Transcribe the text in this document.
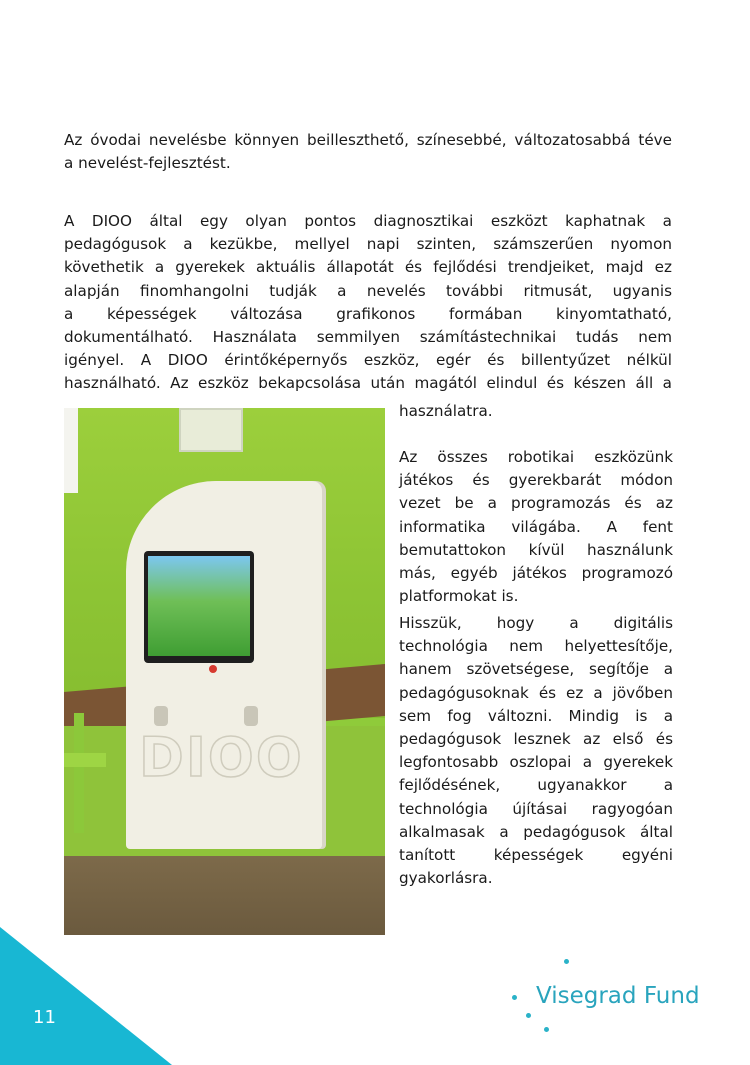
Az óvodai nevelésbe könnyen beilleszthető, színesebbé, változatosabbá téve
a nevelést-fejlesztést.
A DIOO által egy olyan pontos diagnosztikai eszközt kaphatnak a
pedagógusok a kezükbe, mellyel napi szinten, számszerűen nyomon
követhetik a gyerekek aktuális állapotát és fejlődési trendjeiket, majd ez
alapján finomhangolni tudják a nevelés további ritmusát, ugyanis
a képességek változása grafikonos formában kinyomtatható,
dokumentálható. Használata semmilyen számítástechnikai tudás nem
igényel. A DIOO érintőképernyős eszköz, egér és billentyűzet nélkül
használható. Az eszköz bekapcsolása után magától elindul és készen áll a
használatra.
Az összes robotikai eszközünk
játékos és gyerekbarát módon
vezet be a programozás és az
informatika világába. A fent
bemutattokon kívül használunk
más, egyéb játékos programozó
platformokat is.
Hisszük, hogy a digitális
technológia nem helyettesítője,
hanem szövetségese, segítője a
pedagógusoknak és ez a jövőben
sem fog változni. Mindig is a
pedagógusok lesznek az első és
legfontosabb oszlopai a gyerekek
fejlődésének, ugyanakkor a
technológia újításai ragyogóan
alkalmasak a pedagógusok által
tanított képességek egyéni
gyakorlásra.
DIOO
11
Visegrad Fund
